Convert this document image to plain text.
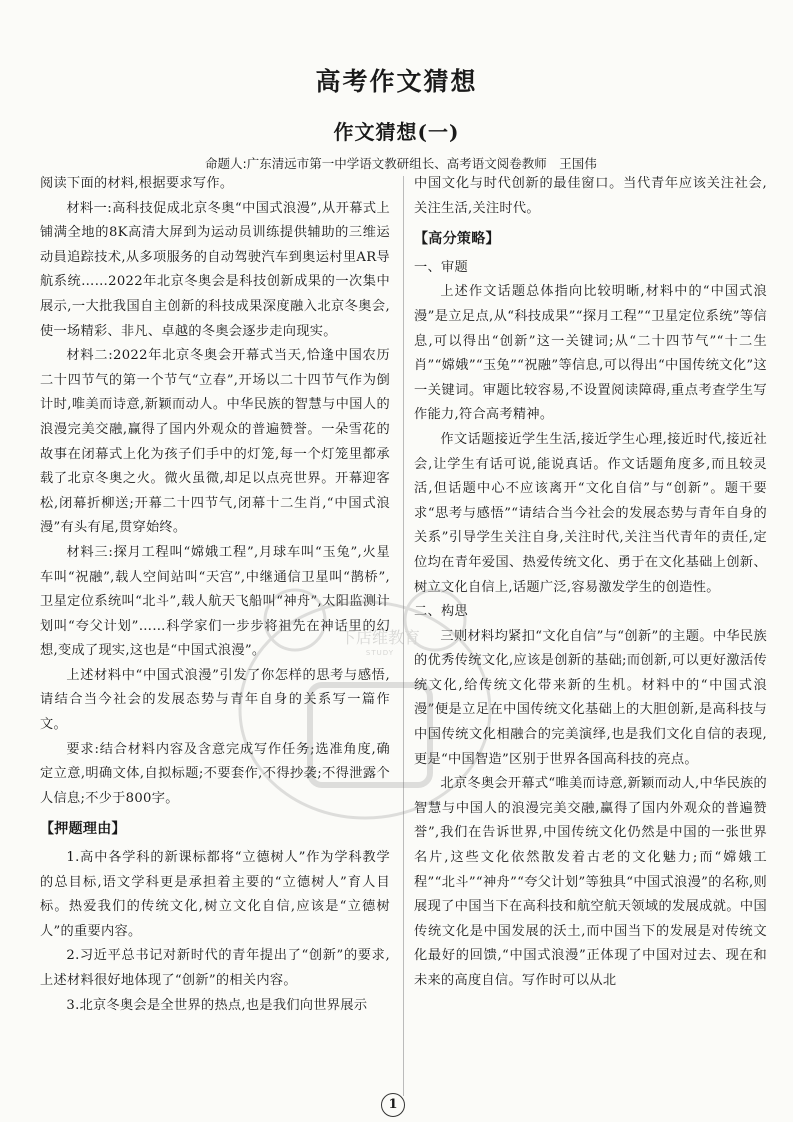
高考作文猜想
作文猜想(一)
命题人:广东清远市第一中学语文教研组长、高考语文阅卷教师　王国伟

阅读下面的材料,根据要求写作。

材料一:高科技促成北京冬奥“中国式浪漫”,从开幕式上铺满全地的8K高清大屏到为运动员训练提供辅助的三维运动員追踪技术,从多项服务的自动驾驶汽车到奥运村里AR导航系统……2022年北京冬奥会是科技创新成果的一次集中展示,一大批我国自主创新的科技成果深度融入北京冬奥会,使一场精彩、非凡、卓越的冬奥会逐步走向现实。

材料二:2022年北京冬奥会开幕式当天,恰逢中国农历二十四节气的第一个节气“立春”,开场以二十四节气作为倒计时,唯美而诗意,新颖而动人。中华民族的智慧与中国人的浪漫完美交融,赢得了国内外观众的普遍赞誉。一朵雪花的故事在闭幕式上化为孩子们手中的灯笼,每一个灯笼里都承载了北京冬奥之火。微火虽微,却足以点亮世界。开幕迎客松,闭幕折柳送;开幕二十四节气,闭幕十二生肖,“中国式浪漫”有头有尾,贯穿始终。

材料三:探月工程叫“嫦娥工程”,月球车叫“玉兔”,火星车叫“祝融”,载人空间站叫“天宫”,中继通信卫星叫“鹊桥”,卫星定位系统叫“北斗”,载人航天飞船叫“神舟”,太阳监测计划叫“夸父计划”……科学家们一步步将祖先在神话里的幻想,变成了现实,这也是“中国式浪漫”。

上述材料中“中国式浪漫”引发了你怎样的思考与感悟,请结合当今社会的发展态势与青年自身的关系写一篇作文。

要求:结合材料内容及含意完成写作任务;选准角度,确定立意,明确文体,自拟标题;不要套作,不得抄袭;不得泄露个人信息;不少于800字。

【押题理由】

1.高中各学科的新课标都将“立德树人”作为学科教学的总目标,语文学科更是承担着主要的“立德树人”育人目标。热爱我们的传统文化,树立文化自信,应该是“立德树人”的重要内容。

2.习近平总书记对新时代的青年提出了“创新”的要求,上述材料很好地体现了“创新”的相关内容。

3.北京冬奥会是全世界的热点,也是我们向世界展示

中国文化与时代创新的最佳窗口。当代青年应该关注社会,关注生活,关注时代。

【高分策略】

一、审题

上述作文话题总体指向比较明晰,材料中的“中国式浪漫”是立足点,从“科技成果”“探月工程”“卫星定位系统”等信息,可以得出“创新”这一关键词;从“二十四节气”“十二生肖”“嫦娥”“玉兔”“祝融”等信息,可以得出“中国传统文化”这一关键词。审题比较容易,不设置阅读障碍,重点考查学生写作能力,符合高考精神。

作文话题接近学生生活,接近学生心理,接近时代,接近社会,让学生有话可说,能说真话。作文话题角度多,而且较灵活,但话题中心不应该离开“文化自信”与“创新”。题干要求“思考与感悟”“请结合当今社会的发展态势与青年自身的关系”引导学生关注自身,关注时代,关注当代青年的责任,定位均在青年爱国、热爱传统文化、勇于在文化基础上创新、树立文化自信上,话题广泛,容易激发学生的创造性。

二、构思

三则材料均紧扣“文化自信”与“创新”的主题。中华民族的优秀传统文化,应该是创新的基础;而创新,可以更好激活传统文化,给传统文化带来新的生机。材料中的“中国式浪漫”便是立足在中国传统文化基础上的大胆创新,是高科技与中国传统文化相融合的完美演绎,也是我们文化自信的表现,更是“中国智造”区别于世界各国高科技的亮点。

北京冬奥会开幕式“唯美而诗意,新颖而动人,中华民族的智慧与中国人的浪漫完美交融,赢得了国内外观众的普遍赞誉”,我们在告诉世界,中国传统文化仍然是中国的一张世界名片,这些文化依然散发着古老的文化魅力;而“嫦娥工程”“北斗”“神舟”“夸父计划”等独具“中国式浪漫”的名称,则展现了中国当下在高科技和航空航天领域的发展成就。中国传统文化是中国发展的沃土,而中国当下的发展是对传统文化最好的回馈,“中国式浪漫”正体现了中国对过去、现在和未来的高度自信。写作时可以从北

下店维教育
STUDY
1
